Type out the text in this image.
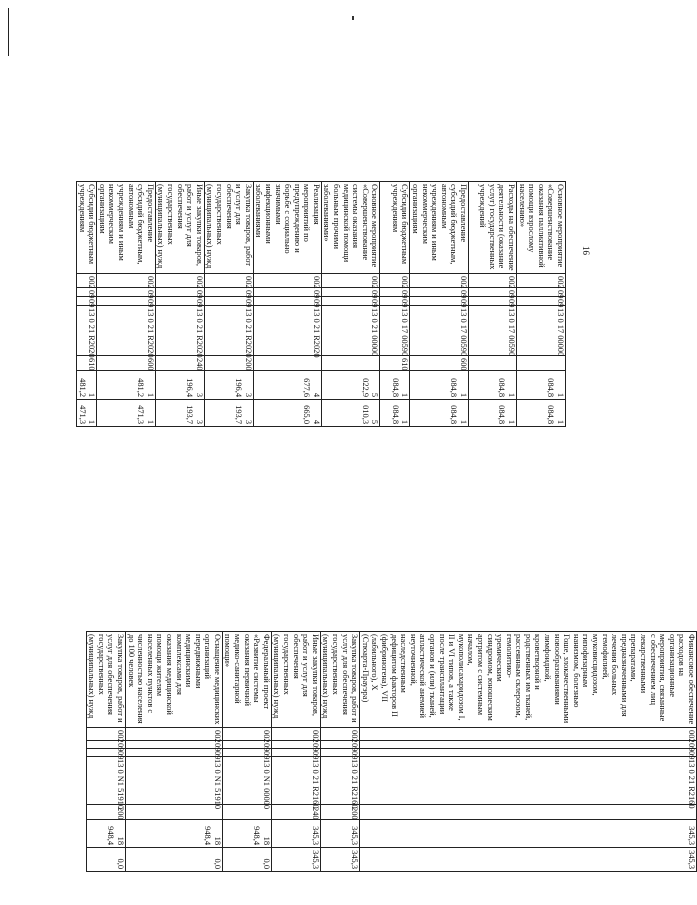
16
Основное мероприятие «Совершенствование оказания паллиативной помощи взрослому населению»	002	09	09	13 0 17 00000		1 084,8	1 084,8
Расходы на обеспечение деятельности (оказание услуг) государственных учреждений	002	09	09	13 0 17 00590		1 084,8	1 084,8
Предоставление субсидий бюджетным, автономным учреждениям и иным некоммерческим организациям	002	09	09	13 0 17 00590	600	1 084,8	1 084,8
Субсидии бюджетным учреждениям	002	09	09	13 0 17 00590	610	1 084,8	1 084,8
Основное мероприятие «Совершенствование системы оказания медицинской помощи больным прочими заболеваниями»	002	09	09	13 0 21 00000		5 022,9	5 010,3
Реализация мероприятий по предупреждению и борьбе с социально значимыми инфекционными заболеваниями	002	09	09	13 0 21 R2020		4 677,6	4 665,0
Закупка товаров, работ и услуг для обеспечения государственных (муниципальных) нужд	002	09	09	13 0 21 R2020	200	3 196,4	3 193,7
Иные закупки товаров, работ и услуг для обеспечения государственных (муниципальных) нужд	002	09	09	13 0 21 R2020	240	3 196,4	3 193,7
Предоставление субсидий бюджетным, автономным учреждениям и иным некоммерческим организациям	002	09	09	13 0 21 R2020	600	1 481,2	1 471,3
Субсидии бюджетным учреждениям	002	09	09	13 0 21 R2020	610	1 481,2	1 471,3
Финансовое обеспечение расходов на организационные мероприятия, связанные с обеспечением лиц лекарственными препаратами, предназначенными для лечения больных гемофилией, муковисцидозом, гипофизарным нанизмом, болезнью Гоше, злокачественными новообразованиями лимфоидной, кроветворной и родственных им тканей, рассеянным склерозом, гемолитико-уремическим синдромом, юношеским артритом с системным началом, мукополисахаридозом I, II и VI типов, а также после трансплантации органов и (или) тканей, апластической анемией неуточненной, наследственным дефицитом факторов II (фибриногена), VII (лабильного), X (Стюарта-Прауэра)	002	09	09	13 0 21 R2160		345,3	345,3
Закупка товаров, работ и услуг для обеспечения государственных (муниципальных) нужд	002	09	09	13 0 21 R2160	200	345,3	345,3
Иные закупки товаров, работ и услуг для обеспечения государственных (муниципальных) нужд	002	09	09	13 0 21 R2160	240	345,3	345,3
Федеральный проект «Развитие системы оказания первичной медико-санитарной помощи»	002	09	09	13 0 N1 00000		18 948,4	0,0
Оснащение медицинских организаций передвижными медицинскими комплексами для оказания медицинской помощи жителям населенных пунктов с численностью населения до 100 человек	002	09	09	13 0 N1 51910		18 948,4	0,0
Закупка товаров, работ и услуг для обеспечения государственных (муниципальных) нужд	002	09	09	13 0 N1 51910	200	18 948,4	0,0
